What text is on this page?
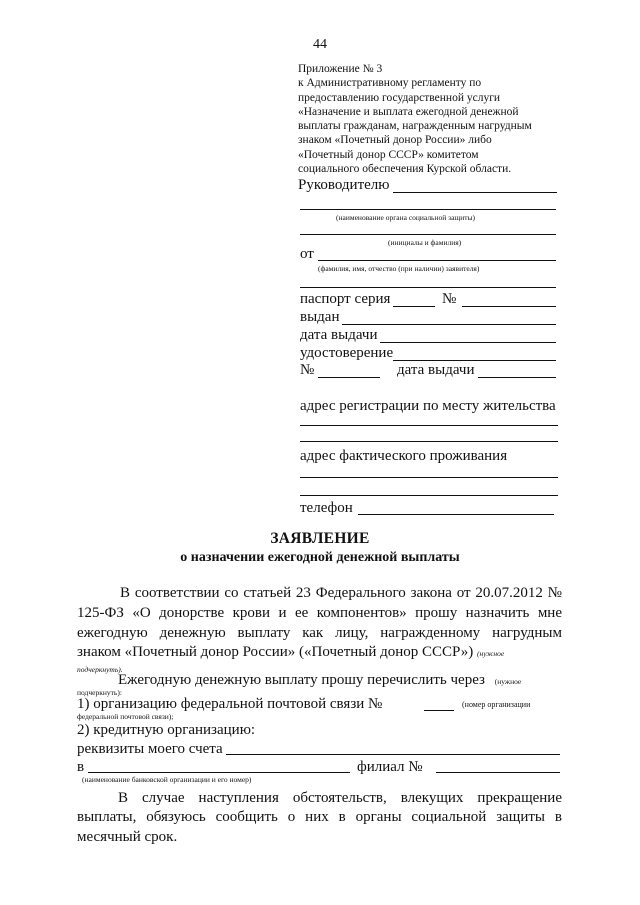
44
Приложение № 3
к Административному регламенту по
предоставлению государственной услуги
«Назначение и выплата ежегодной денежной
выплаты гражданам, награжденным нагрудным
знаком «Почетный донор России» либо
«Почетный донор СССР» комитетом
социального обеспечения Курской области.
Руководителю
(наименование органа социальной защиты)
(инициалы и фамилия)
от
(фамилия, имя, отчество (при наличии) заявителя)
паспорт серия	№
выдан
дата выдачи
удостоверение
№	дата выдачи
адрес регистрации по месту жительства
адрес фактического проживания
телефон
ЗАЯВЛЕНИЕ
о назначении ежегодной денежной выплаты
В соответствии со статьей 23 Федерального закона от 20.07.2012 №
125-ФЗ «О донорстве крови и ее компонентов» прошу назначить мне
ежегодную денежную выплату как лицу, награжденному нагрудным
знаком «Почетный донор России» («Почетный донор СССР») (нужное
подчеркнуть).
Ежегодную денежную выплату прошу перечислить через (нужное
подчеркнуть):
1) организацию федеральной почтовой связи №	(номер организации
федеральной почтовой связи);
2) кредитную организацию:
реквизиты моего счета
в	филиал №
(наименование банковской организации и его номер)
В случае наступления обстоятельств, влекущих прекращение
выплаты, обязуюсь сообщить о них в органы социальной защиты в
месячный срок.
